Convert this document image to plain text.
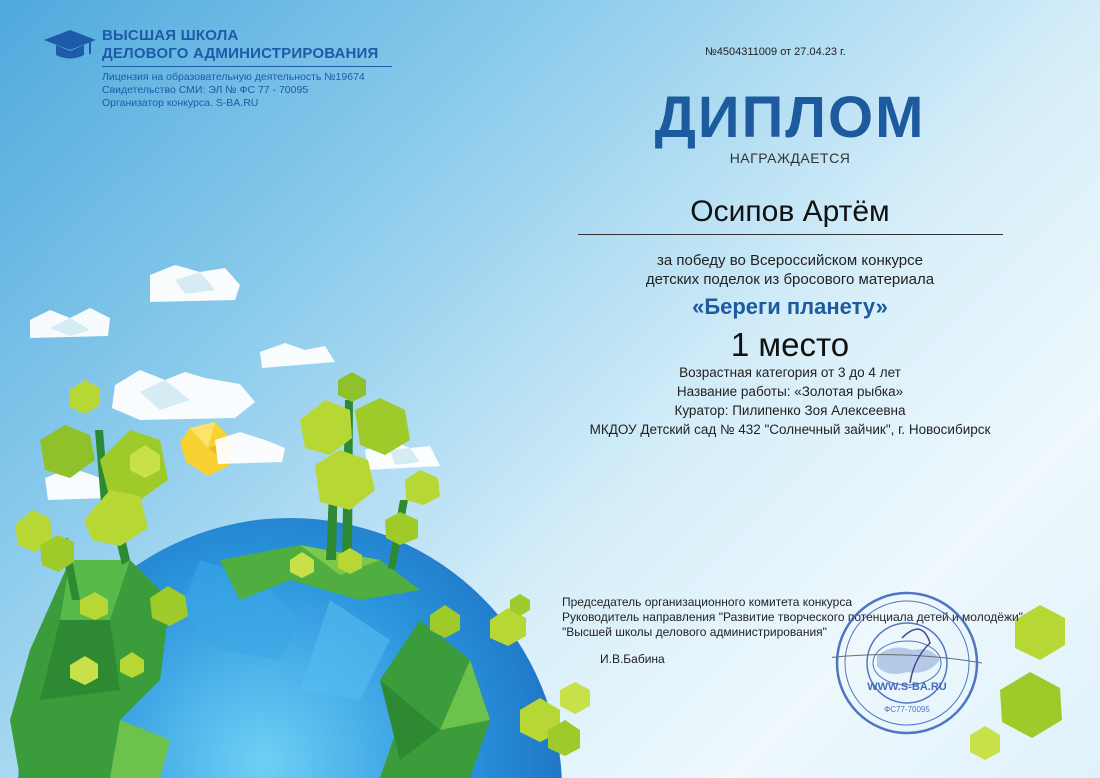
ВЫСШАЯ ШКОЛА
ДЕЛОВОГО АДМИНИСТРИРОВАНИЯ
Лицензия на образовательную деятельность №19674
Свидетельство СМИ: ЭЛ № ФС 77 - 70095
Организатор конкурса. S-BA.RU
№4504311009 от 27.04.23 г.
ДИПЛОМ
НАГРАЖДАЕТСЯ
Осипов Артём
за победу во Всероссийском конкурсе
детских поделок из бросового материала
«Береги планету»
1 место
Возрастная категория от 3 до 4 лет
Название работы: «Золотая рыбка»
Куратор: Пилипенко Зоя Алексеевна
МКДОУ Детский сад № 432 "Солнечный зайчик", г. Новосибирск
Председатель организационного комитета конкурса
Руководитель направления "Развитие творческого потенциала детей и молодёжи"
"Высшей школы делового администрирования"
И.В.Бабина
WWW.S-BA.RU
ФС77-70095
